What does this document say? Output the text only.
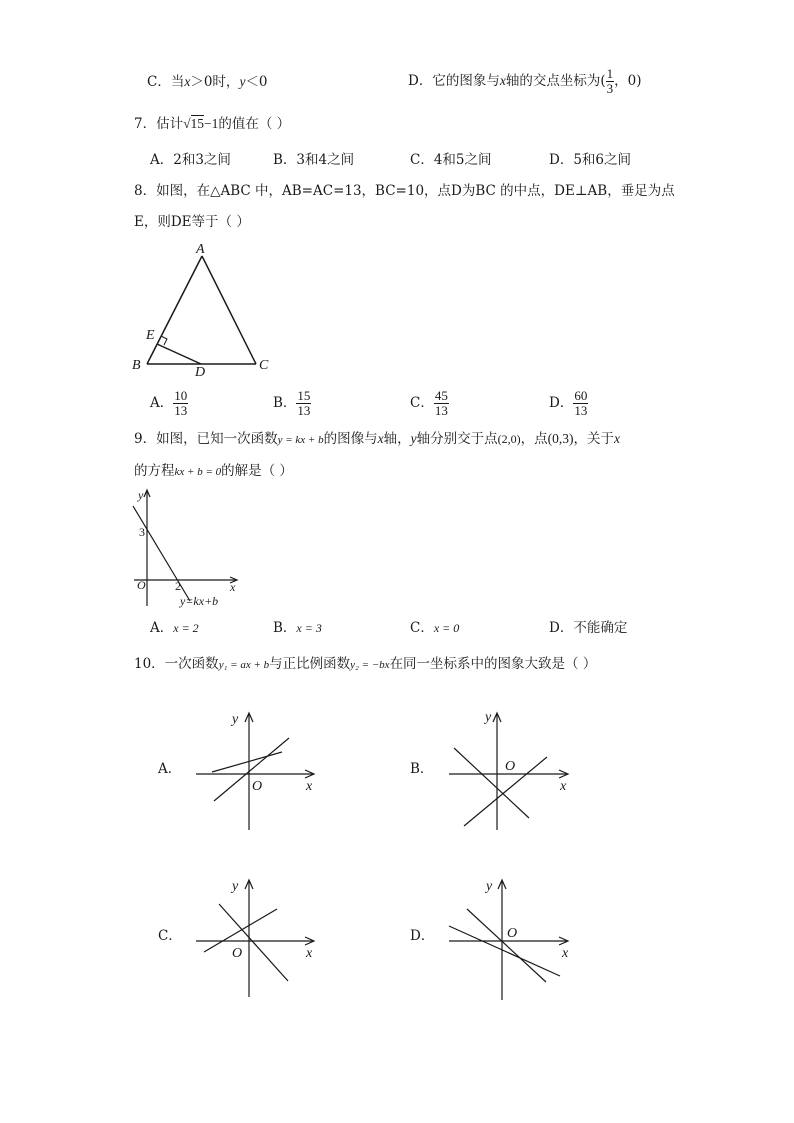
C．当x＞0时，y＜0	D．它的图象与x轴的交点坐标为( $\frac{1}{3}$ ，0)
7．估计√15−1的值在（ ）
A．2和3之间	B．3和4之间	C．4和5之间	D．5和6之间
8．如图，在△ABC 中，AB=AC=13，BC=10，点D为BC 的中点，DE⊥AB，垂足为点
E，则DE等于（ ）
A
B	C
D
E
A． $\frac{10}{13}$	B． $\frac{15}{13}$	C． $\frac{45}{13}$	D． $\frac{60}{13}$
9．如图，已知一次函数y = kx + b的图像与x轴，y轴分别交于点(2,0)，点(0,3)，关于x
的方程kx + b = 0的解是（ ）
y
x
O
3
2
y=kx+b
A．x = 2	B．x = 3	C．x = 0	D．不能确定
10．一次函数y₁ = ax + b与正比例函数y₂ = −bx在同一坐标系中的图象大致是（ ）
A．	B．
C．	D．
y
x
O
y
x
O
y
x
O
y
x
O
